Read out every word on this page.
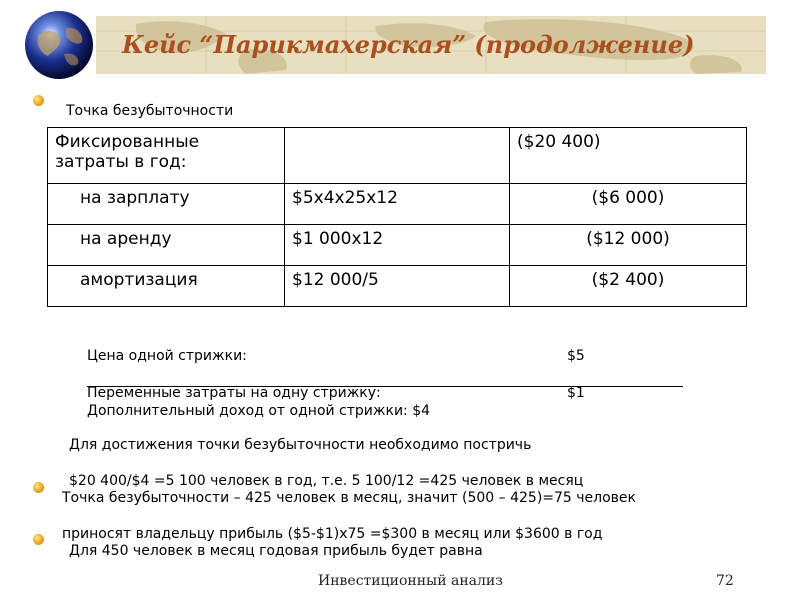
Кейс “Парикмахерская” (продолжение)
Точка безубыточности
Фиксированные затраты в год:		($20 400)
на зарплату	$5x4x25x12	($6 000)
на аренду	$1 000x12	($12 000)
амортизация	$12 000/5	($2 400)
Цена одной стрижки:	$5
Переменные затраты на одну стрижку:	$1
Дополнительный доход от одной стрижки: $4
Для достижения точки безубыточности необходимо постричь
$20 400/$4 =5 100 человек в год, т.е. 5 100/12 =425 человек в месяц
Точка безубыточности – 425 человек в месяц, значит (500 – 425)=75 человек
приносят владельцу прибыль ($5-$1)x75 =$300 в месяц или $3600 в год
Для 450 человек в месяц годовая прибыль будет равна
Инвестиционный анализ	72
